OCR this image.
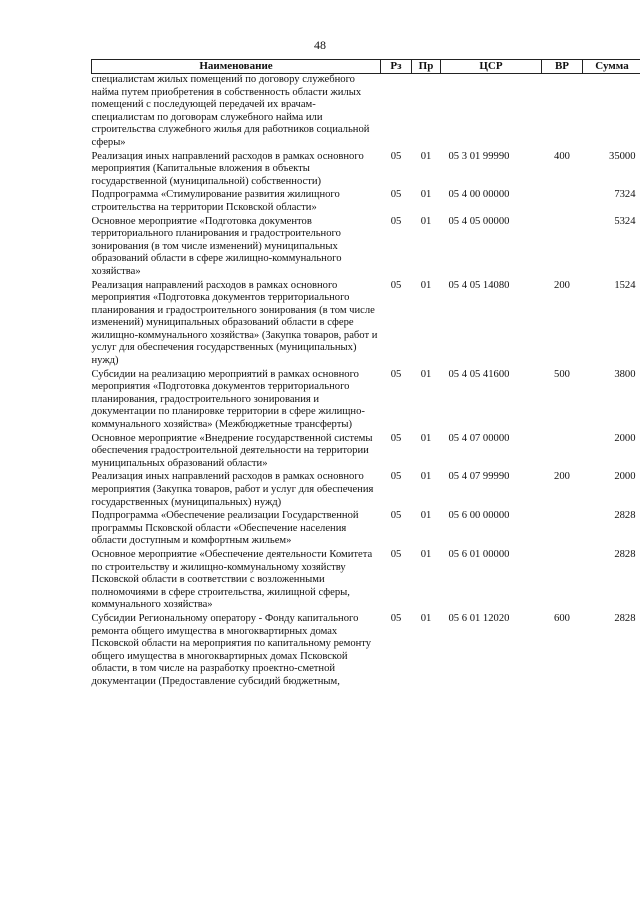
48
Наименование	Рз	Пр	ЦСР	ВР	Сумма
специалистам жилых помещений по договору служебного найма путем приобретения в собственность области жилых помещений с последующей передачей их врачам-специалистам по договорам служебного найма или строительства служебного жилья для работников социальной сферы»					
Реализация иных направлений расходов в рамках основного мероприятия (Капитальные вложения в объекты государственной (муниципальной) собственности)	05	01	05 3 01 99990	400	35000
Подпрограмма «Стимулирование развития жилищного строительства на территории Псковской области»	05	01	05 4 00 00000		7324
Основное мероприятие «Подготовка документов территориального планирования и градостроительного зонирования (в том числе изменений) муниципальных образований области в сфере жилищно-коммунального хозяйства»	05	01	05 4 05 00000		5324
Реализация направлений расходов в рамках основного мероприятия «Подготовка документов территориального планирования и градостроительного зонирования (в том числе изменений) муниципальных образований области в сфере жилищно-коммунального хозяйства» (Закупка товаров, работ и услуг для обеспечения государственных (муниципальных) нужд)	05	01	05 4 05 14080	200	1524
Субсидии на реализацию мероприятий в рамках основного мероприятия «Подготовка документов территориального планирования, градостроительного зонирования и документации по планировке территории в сфере жилищно-коммунального хозяйства» (Межбюджетные трансферты)	05	01	05 4 05 41600	500	3800
Основное мероприятие «Внедрение государственной системы обеспечения градостроительной деятельности на территории муниципальных образований области»	05	01	05 4 07 00000		2000
Реализация иных направлений расходов в рамках основного мероприятия (Закупка товаров, работ и услуг для обеспечения государственных (муниципальных) нужд)	05	01	05 4 07 99990	200	2000
Подпрограмма «Обеспечение реализации Государственной программы Псковской области «Обеспечение населения области доступным и комфортным жильем»	05	01	05 6 00 00000		2828
Основное мероприятие «Обеспечение деятельности Комитета по строительству и жилищно-коммунальному хозяйству Псковской области в соответствии с возложенными полномочиями в сфере строительства, жилищной сферы, коммунального хозяйства»	05	01	05 6 01 00000		2828
Субсидии Региональному оператору - Фонду капитального ремонта общего имущества в многоквартирных домах Псковской области на мероприятия по капитальному ремонту общего имущества в многоквартирных домах Псковской области, в том числе на разработку проектно-сметной документации (Предоставление субсидий бюджетным,	05	01	05 6 01 12020	600	2828
